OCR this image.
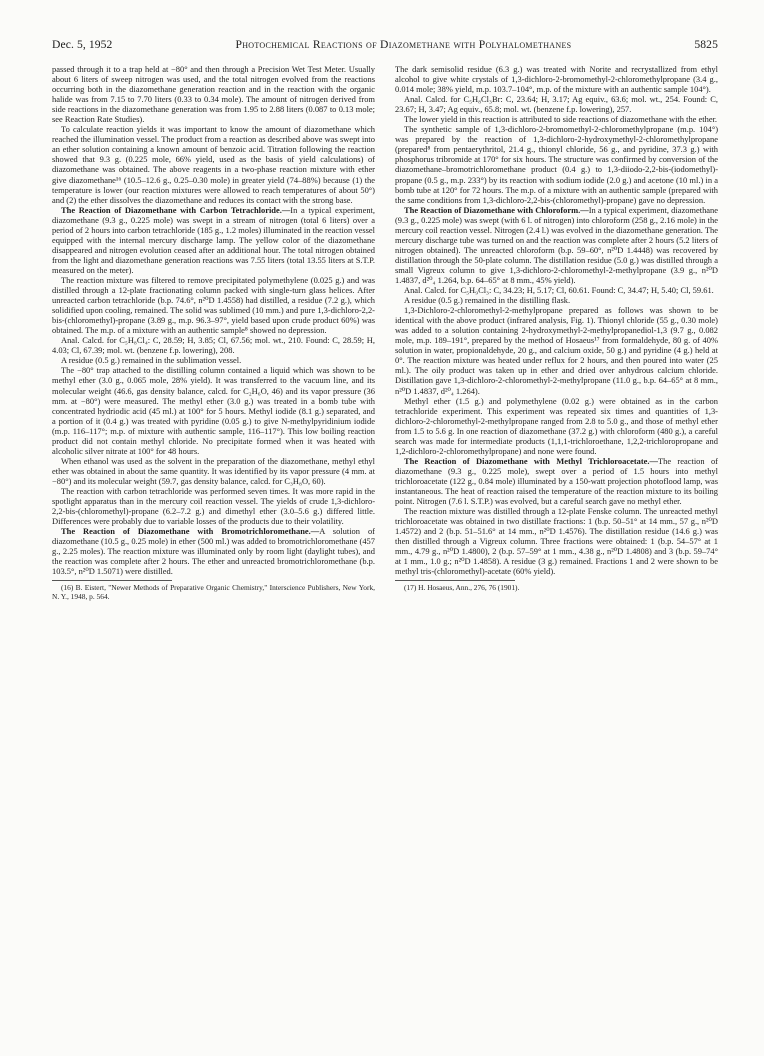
Dec. 5, 1952	Photochemical Reactions of Diazomethane with Polyhalomethanes	5825

passed through it to a trap held at −80° and then through a Precision Wet Test Meter. Usually about 6 liters of sweep nitrogen was used, and the total nitrogen evolved from the reactions occurring both in the diazomethane generation reaction and in the reaction with the organic halide was from 7.15 to 7.70 liters (0.33 to 0.34 mole). The amount of nitrogen derived from side reactions in the diazomethane generation was from 1.95 to 2.88 liters (0.087 to 0.13 mole; see Reaction Rate Studies).

To calculate reaction yields it was important to know the amount of diazomethane which reached the illumination vessel. The product from a reaction as described above was swept into an ether solution containing a known amount of benzoic acid. Titration following the reaction showed that 9.3 g. (0.225 mole, 66% yield, used as the basis of yield calculations) of diazomethane was obtained. The above reagents in a two-phase reaction mixture with ether give diazomethane¹⁶ (10.5–12.6 g., 0.25–0.30 mole) in greater yield (74–88%) because (1) the temperature is lower (our reaction mixtures were allowed to reach temperatures of about 50°) and (2) the ether dissolves the diazomethane and reduces its contact with the strong base.

The Reaction of Diazomethane with Carbon Tetrachloride.—In a typical experiment, diazomethane (9.3 g., 0.225 mole) was swept in a stream of nitrogen (total 6 liters) over a period of 2 hours into carbon tetrachloride (185 g., 1.2 moles) illuminated in the reaction vessel equipped with the internal mercury discharge lamp. The yellow color of the diazomethane disappeared and nitrogen evolution ceased after an additional hour. The total nitrogen obtained from the light and diazomethane generation reactions was 7.55 liters (total 13.55 liters at S.T.P. measured on the meter).

The reaction mixture was filtered to remove precipitated polymethylene (0.025 g.) and was distilled through a 12-plate fractionating column packed with single-turn glass helices. After unreacted carbon tetrachloride (b.p. 74.6°, n²⁰D 1.4558) had distilled, a residue (7.2 g.), which solidified upon cooling, remained. The solid was sublimed (10 mm.) and pure 1,3-dichloro-2,2-bis-(chloromethyl)-propane (3.89 g., m.p. 96.3–97°, yield based upon crude product 60%) was obtained. The m.p. of a mixture with an authentic sample⁸ showed no depression.

Anal. Calcd. for C₅H₈Cl₄: C, 28.59; H, 3.85; Cl, 67.56; mol. wt., 210. Found: C, 28.59; H, 4.03; Cl, 67.39; mol. wt. (benzene f.p. lowering), 208.

A residue (0.5 g.) remained in the sublimation vessel.

The −80° trap attached to the distilling column contained a liquid which was shown to be methyl ether (3.0 g., 0.065 mole, 28% yield). It was transferred to the vacuum line, and its molecular weight (46.6, gas density balance, calcd. for C₂H₆O, 46) and its vapor pressure (36 mm. at −80°) were measured. The methyl ether (3.0 g.) was treated in a bomb tube with concentrated hydriodic acid (45 ml.) at 100° for 5 hours. Methyl iodide (8.1 g.) separated, and a portion of it (0.4 g.) was treated with pyridine (0.05 g.) to give N-methylpyridinium iodide (m.p. 116–117°; m.p. of mixture with authentic sample, 116–117°). This low boiling reaction product did not contain methyl chloride. No precipitate formed when it was heated with alcoholic silver nitrate at 100° for 48 hours.

When ethanol was used as the solvent in the preparation of the diazomethane, methyl ethyl ether was obtained in about the same quantity. It was identified by its vapor pressure (4 mm. at −80°) and its molecular weight (59.7, gas density balance, calcd. for C₃H₈O, 60).

The reaction with carbon tetrachloride was performed seven times. It was more rapid in the spotlight apparatus than in the mercury coil reaction vessel. The yields of crude 1,3-dichloro-2,2-bis-(chloromethyl)-propane (6.2–7.2 g.) and dimethyl ether (3.0–5.6 g.) differed little. Differences were probably due to variable losses of the products due to their volatility.

The Reaction of Diazomethane with Bromotrichloromethane.—A solution of diazomethane (10.5 g., 0.25 mole) in ether (500 ml.) was added to bromotrichloromethane (457 g., 2.25 moles). The reaction mixture was illuminated only by room light (daylight tubes), and the reaction was complete after 2 hours. The ether and unreacted bromotrichloromethane (b.p. 103.5°, n²⁰D 1.5071) were distilled.

(16) B. Eistert, "Newer Methods of Preparative Organic Chemistry," Interscience Publishers, New York, N. Y., 1948, p. 564.

The dark semisolid residue (6.3 g.) was treated with Norite and recrystallized from ethyl alcohol to give white crystals of 1,3-dichloro-2-bromomethyl-2-chloromethylpropane (3.4 g., 0.014 mole; 38% yield, m.p. 103.7–104°, m.p. of the mixture with an authentic sample 104°).

Anal. Calcd. for C₅H₈Cl₃Br: C, 23.64; H, 3.17; Ag equiv., 63.6; mol. wt., 254. Found: C, 23.67; H, 3.47; Ag equiv., 65.8; mol. wt. (benzene f.p. lowering), 257.

The lower yield in this reaction is attributed to side reactions of diazomethane with the ether.

The synthetic sample of 1,3-dichloro-2-bromomethyl-2-chloromethylpropane (m.p. 104°) was prepared by the reaction of 1,3-dichloro-2-hydroxymethyl-2-chloromethylpropane (prepared⁸ from pentaerythritol, 21.4 g., thionyl chloride, 56 g., and pyridine, 37.3 g.) with phosphorus tribromide at 170° for six hours. The structure was confirmed by conversion of the diazomethane–bromotrichloromethane product (0.4 g.) to 1,3-diiodo-2,2-bis-(iodomethyl)-propane (0.5 g., m.p. 233°) by its reaction with sodium iodide (2.0 g.) and acetone (10 ml.) in a bomb tube at 120° for 72 hours. The m.p. of a mixture with an authentic sample (prepared with the same conditions from 1,3-dichloro-2,2-bis-(chloromethyl)-propane) gave no depression.

The Reaction of Diazomethane with Chloroform.—In a typical experiment, diazomethane (9.3 g., 0.225 mole) was swept (with 6 l. of nitrogen) into chloroform (258 g., 2.16 mole) in the mercury coil reaction vessel. Nitrogen (2.4 l.) was evolved in the diazomethane generation. The mercury discharge tube was turned on and the reaction was complete after 2 hours (5.2 liters of nitrogen obtained). The unreacted chloroform (b.p. 59–60°, n²⁰D 1.4448) was recovered by distillation through the 50-plate column. The distillation residue (5.0 g.) was distilled through a small Vigreux column to give 1,3-dichloro-2-chloromethyl-2-methylpropane (3.9 g., n²⁰D 1.4837, d²⁰₄ 1.264, b.p. 64–65° at 8 mm., 45% yield).

Anal. Calcd. for C₅H₉Cl₃: C, 34.23; H, 5.17; Cl, 60.61. Found: C, 34.47; H, 5.40; Cl, 59.61.

A residue (0.5 g.) remained in the distilling flask.

1,3-Dichloro-2-chloromethyl-2-methylpropane prepared as follows was shown to be identical with the above product (infrared analysis, Fig. 1). Thionyl chloride (55 g., 0.30 mole) was added to a solution containing 2-hydroxymethyl-2-methylpropanediol-1,3 (9.7 g., 0.082 mole, m.p. 189–191°, prepared by the method of Hosaeus¹⁷ from formaldehyde, 80 g. of 40% solution in water, propionaldehyde, 20 g., and calcium oxide, 50 g.) and pyridine (4 g.) held at 0°. The reaction mixture was heated under reflux for 2 hours, and then poured into water (25 ml.). The oily product was taken up in ether and dried over anhydrous calcium chloride. Distillation gave 1,3-dichloro-2-chloromethyl-2-methylpropane (11.0 g., b.p. 64–65° at 8 mm., n²⁰D 1.4837, d²⁰₄ 1.264).

Methyl ether (1.5 g.) and polymethylene (0.02 g.) were obtained as in the carbon tetrachloride experiment. This experiment was repeated six times and quantities of 1,3-dichloro-2-chloromethyl-2-methylpropane ranged from 2.8 to 5.0 g., and those of methyl ether from 1.5 to 5.6 g. In one reaction of diazomethane (37.2 g.) with chloroform (480 g.), a careful search was made for intermediate products (1,1,1-trichloroethane, 1,2,2-trichloropropane and 1,2-dichloro-2-chloromethylpropane) and none were found.

The Reaction of Diazomethane with Methyl Trichloroacetate.—The reaction of diazomethane (9.3 g., 0.225 mole), swept over a period of 1.5 hours into methyl trichloroacetate (122 g., 0.84 mole) illuminated by a 150-watt projection photoflood lamp, was instantaneous. The heat of reaction raised the temperature of the reaction mixture to its boiling point. Nitrogen (7.6 l. S.T.P.) was evolved, but a careful search gave no methyl ether.

The reaction mixture was distilled through a 12-plate Fenske column. The unreacted methyl trichloroacetate was obtained in two distillate fractions: 1 (b.p. 50–51° at 14 mm., 57 g., n²⁰D 1.4572) and 2 (b.p. 51–51.6° at 14 mm., n²⁰D 1.4576). The distillation residue (14.6 g.) was then distilled through a Vigreux column. Three fractions were obtained: 1 (b.p. 54–57° at 1 mm., 4.79 g., n²⁰D 1.4800), 2 (b.p. 57–59° at 1 mm., 4.38 g., n²⁰D 1.4808) and 3 (b.p. 59–74° at 1 mm., 1.0 g.; n²⁰D 1.4858). A residue (3 g.) remained. Fractions 1 and 2 were shown to be methyl tris-(chloromethyl)-acetate (60% yield).

(17) H. Hosaeus, Ann., 276, 76 (1901).
